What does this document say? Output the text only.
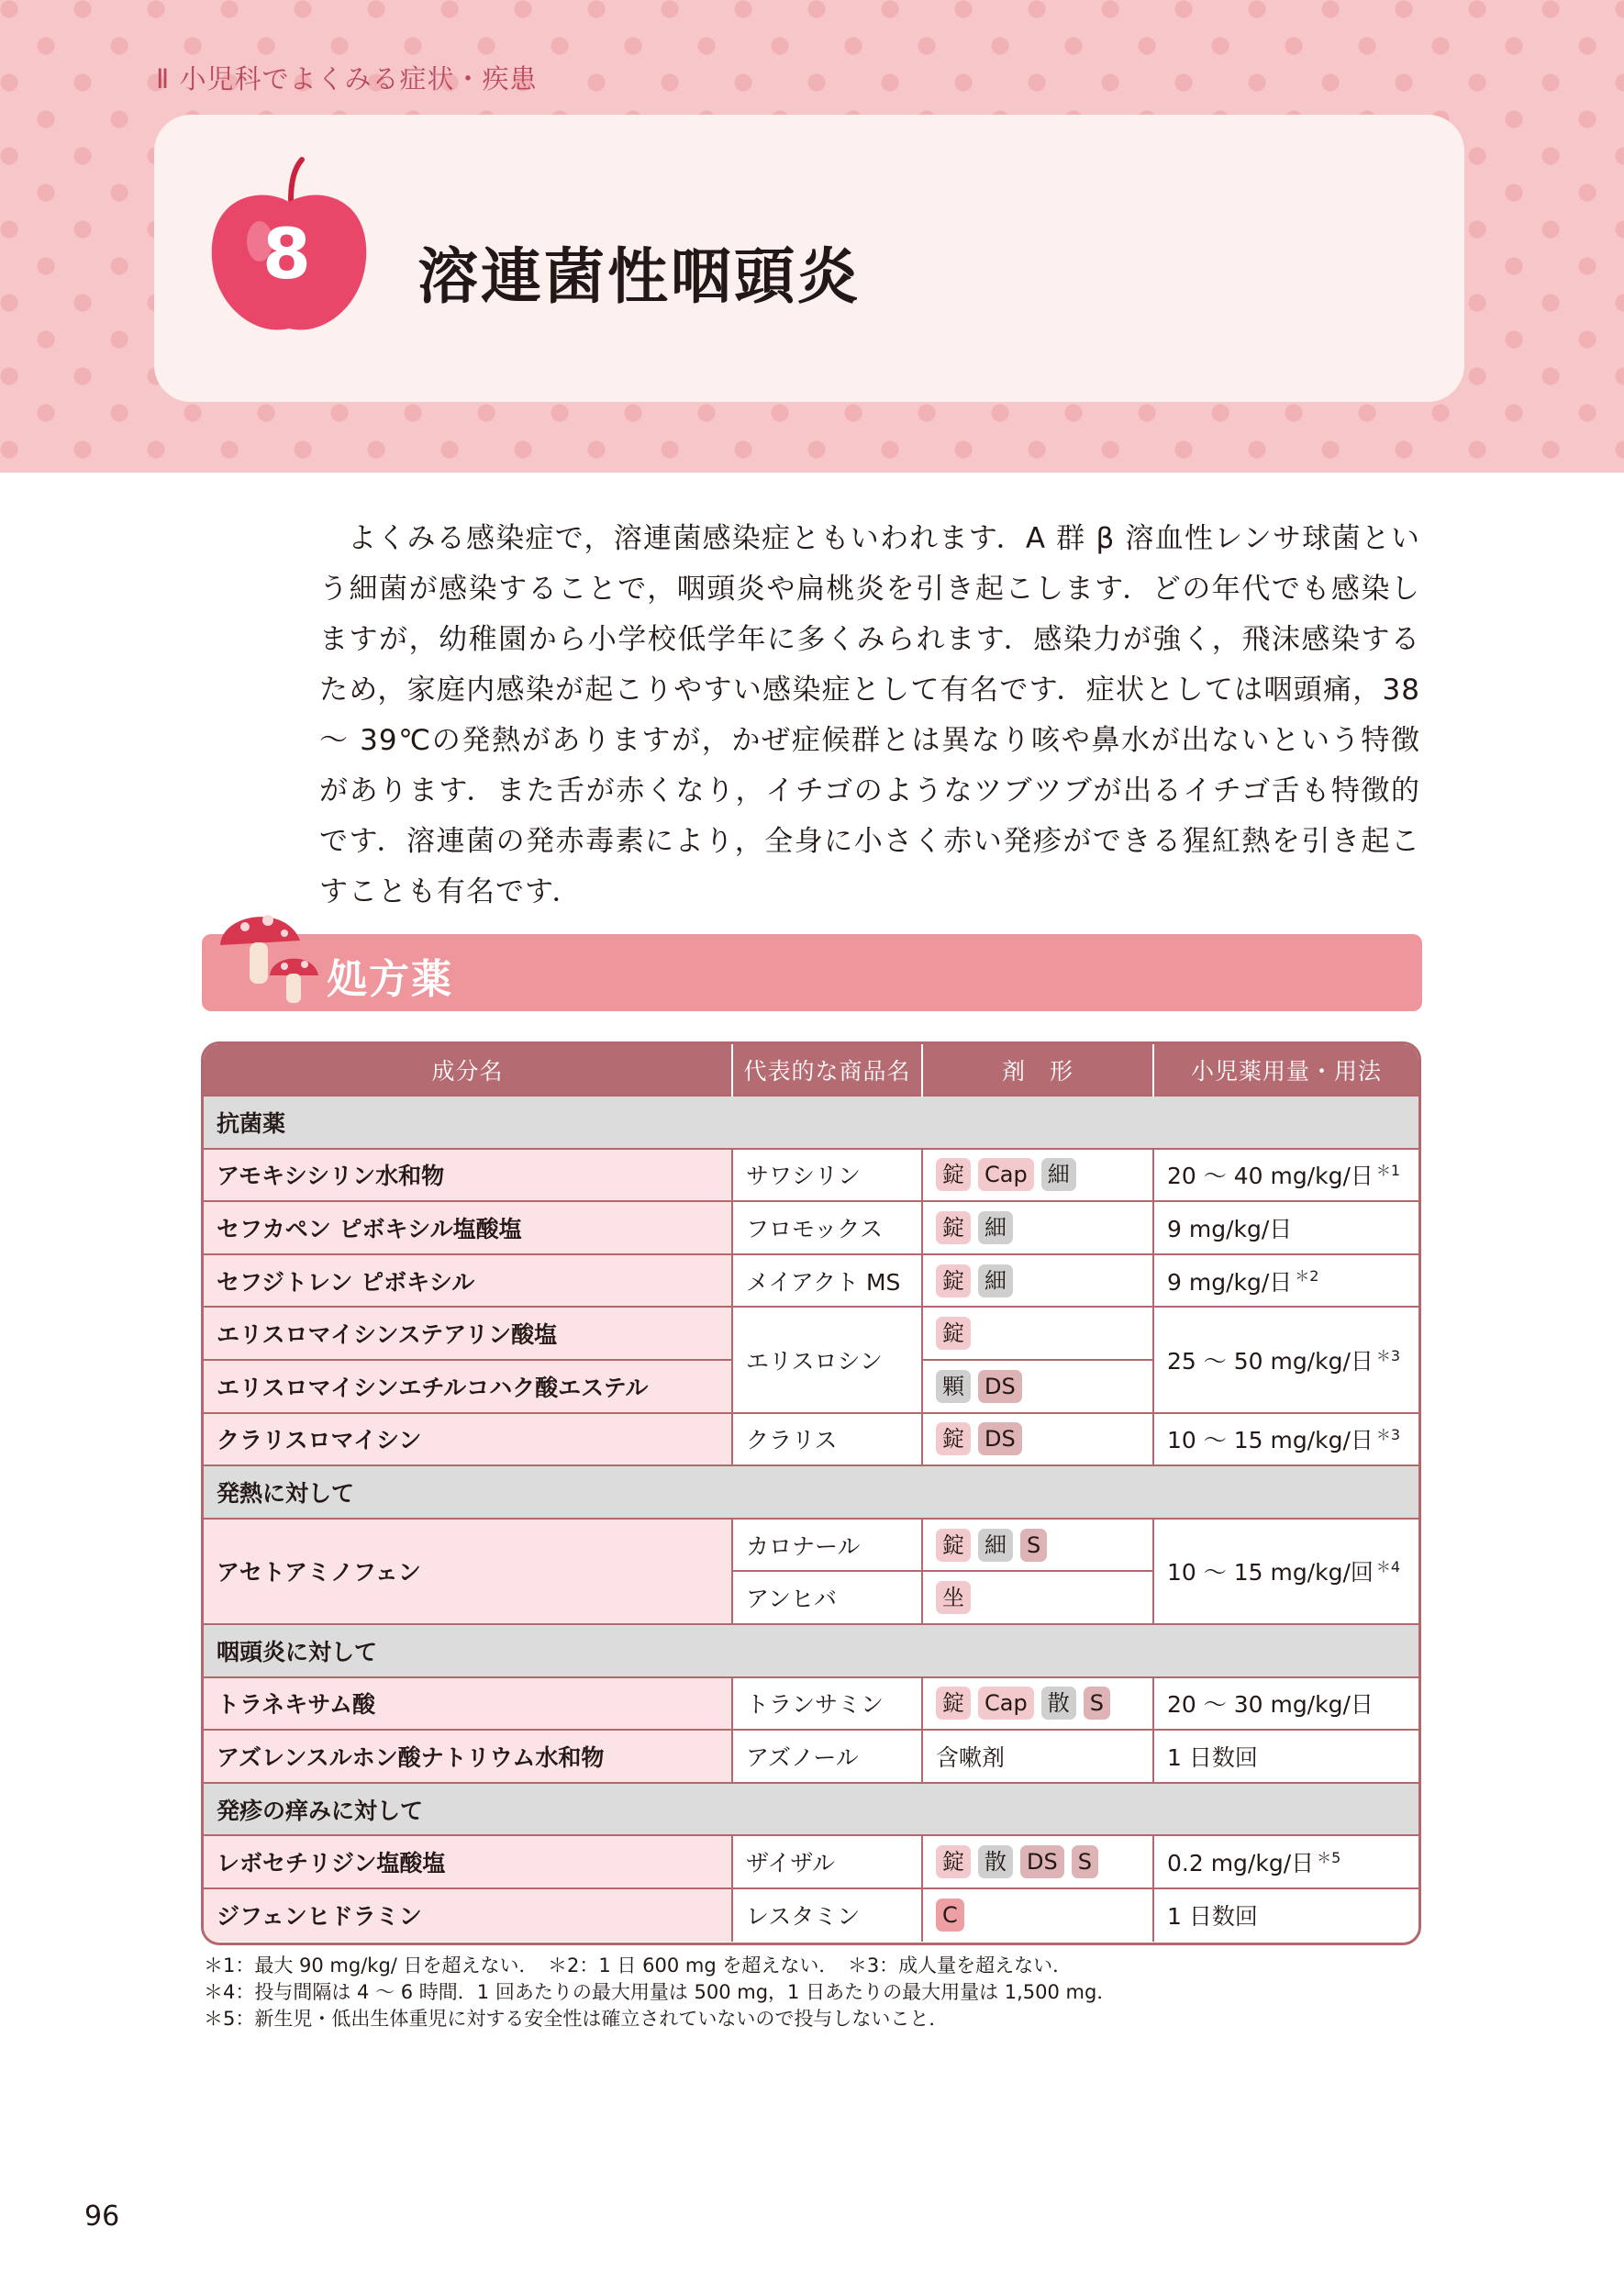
Ⅱ 小児科でよくみる症状・疾患
8	溶連菌性咽頭炎

よくみる感染症で，溶連菌感染症ともいわれます．A 群 β 溶血性レンサ球菌という細菌が感染することで，咽頭炎や扁桃炎を引き起こします．どの年代でも感染しますが，幼稚園から小学校低学年に多くみられます．感染力が強く，飛沫感染するため，家庭内感染が起こりやすい感染症として有名です．症状としては咽頭痛，38 ～ 39℃の発熱がありますが，かぜ症候群とは異なり咳や鼻水が出ないという特徴があります．また舌が赤くなり，イチゴのようなツブツブが出るイチゴ舌も特徴的です．溶連菌の発赤毒素により，全身に小さく赤い発疹ができる猩紅熱を引き起こすことも有名です．

処方薬
成分名	代表的な商品名	剤　形	小児薬用量・用法
抗菌薬			
アモキシシリン水和物	サワシリン	錠 Cap 細	20 ～ 40 mg/kg/日 $^{*1}$
セフカペン ピボキシル塩酸塩	フロモックス	錠 細	9 mg/kg/日
セフジトレン ピボキシル	メイアクト MS	錠 細	9 mg/kg/日 $^{*2}$
エリスロマイシンステアリン酸塩	エリスロシン	錠	25 ～ 50 mg/kg/日 $^{*3}$
エリスロマイシンエチルコハク酸エステル		顆 DS	
クラリスロマイシン	クラリス	錠 DS	10 ～ 15 mg/kg/日 $^{*3}$
発熱に対して			
アセトアミノフェン	カロナール	錠 細 S	10 ～ 15 mg/kg/回 $^{*4}$
	アンヒバ	坐	
咽頭炎に対して			
トラネキサム酸	トランサミン	錠 Cap 散 S	20 ～ 30 mg/kg/日
アズレンスルホン酸ナトリウム水和物	アズノール	含嗽剤	1 日数回
発疹の痒みに対して			
レボセチリジン塩酸塩	ザイザル	錠 散 DS S	0.2 mg/kg/日 $^{*5}$
ジフェンヒドラミン	レスタミン	C	1 日数回
＊1：最大 90 mg/kg/ 日を超えない．　＊2：1 日 600 mg を超えない．　＊3：成人量を超えない．
＊4：投与間隔は 4 ～ 6 時間．1 回あたりの最大用量は 500 mg，1 日あたりの最大用量は 1,500 mg．
＊5：新生児・低出生体重児に対する安全性は確立されていないので投与しないこと．
96
